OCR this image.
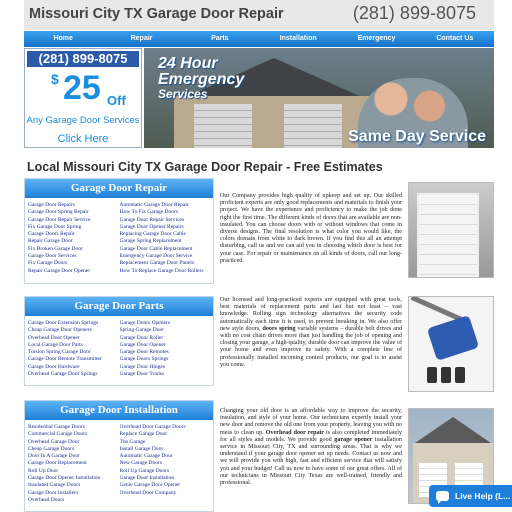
Missouri City TX Garage Door Repair	(281) 899-8075
Home	Repair	Parts	Installation	Emergency	Contact Us
(281) 899-8075
$ 25 Off
Any Garage Door Services
Click Here
24 Hour
Emergency
Services
Same Day Service
Local Missouri City TX Garage Door Repair - Free Estimates
Garage Door Repair
Garage Door Repairs
Garage Door Spring Repair
Garage Door Repair Service
Fix Garage Door Spring
Garage Doors Repair
Repair Garage Door
Fix Broken Garage Door
Garage Door Services
Fix Garage Doors
Repair Garage Door Opener
Automatic Garage Door Repair
How To Fix Garage Doors
Garage Door Repair Services
Garage Door Opener Repairs
Replacing Garage Door Cable
Garage Spring Replacement
Garage Door Cable Replacement
Emergency Garage Door Service
Replacement Garage Door Panels
How To Replace Garage Door Rollers

Our Company provides high quality of upkeep and set up. Our skilled proficient experts are only good replacements and materials to finish your project. We have the experience and proficiency to make the job done right the first time. The different kinds of doors that are available are non-insulated. You can choose doors with or without windows that come in diverse designs. The final resolution is what color you would like, the colors domain from white to dark brown. If you find this all an attempt disturbing, call us and we can aid you in choosing which door is best for your case. For repair or maintenance on all kinds of doors, call our long-practiced.

Garage Door Parts
Garage Door Extension Springs
Cheap Garage Door Openers
Overhead Door Opener
Local Garage Door Parts
Torsion Spring Garage Door
Garage Door Remote Transmitter
Garage Door Hardware
Overhead Garage Door Springs
Garage Doors Openers
Spring Garage Door
Garage Door Roller
Garage Door Opener
Garage Door Remotes
Garage Doors Springs
Garage Door Hinges
Garage Door Tracks

Our licensed and long-practiced experts are equipped with great tools, best materials of replacement parts and last but not least – vast knowledge. Rolling sign technology alternatives the security code automatically each time it is used, to prevent breaking in. We also offer new style doors, doors spring variable systems – durable belt drives and with no cost chain drives more than just handling the job of opening and closing your garage, a high-quality, durable door can improve the value of your home and even improve its safety. With a complete line of professionally installed incoming control products, our goal is to assist you come.

Garage Door Installation
Residential Garage Doors
Commercial Garage Doors
Overhead Garage Door
Cheap Garage Doors
Door In A Garage Door
Garage Door Replacement
Roll Up Door
Garage Door Opener Installation
Insulated Garage Doors
Garage Door Installers
Overhead Doors
Overhead Door Garage Doors
Replace Garage Door
The Garage
Install Garage Door
Automatic Garage Door
New Garage Doors
Roll Up Garage Doors
Garage Door Installation
Genie Garage Door Opener
Overhead Door Company

Changing your old door is an affordable way to improve the security, insulation, and style of your home. Our technicians expertly install your new door and remove the old one from your property, leaving you with no mess to clean up. Overhead door repair is also completed immediately for all styles and models. We provide good garage opener installation service in Missouri City, TX and surrounding areas. That is why we understand if your garage door opener set up needs. Contact us now and we will provide you with high, fast and efficient service that will satisfy you and your budget! Call us now to have some of our great offers. All of our technicians in Missouri City Texas are well-trained, friendly and professional.

Live Help (L...
